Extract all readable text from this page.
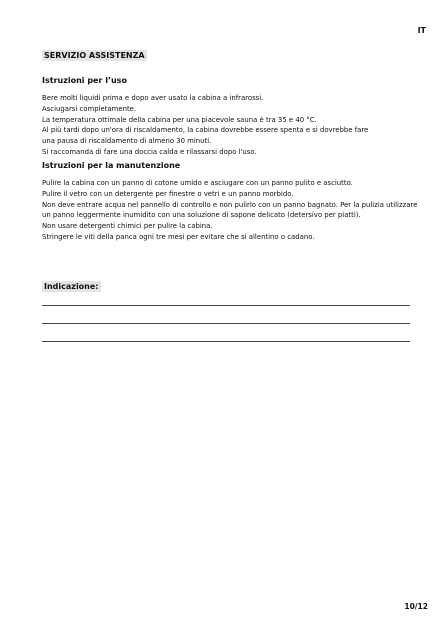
IT
SERVIZIO ASSISTENZA
Istruzioni per l’uso

Bere molti liquidi prima e dopo aver usato la cabina a infrarossi.

Asciugarsi completamente.

La temperatura ottimale della cabina per una piacevole sauna è tra 35 e 40 °C.

Al più tardi dopo un'ora di riscaldamento, la cabina dovrebbe essere spenta e si dovrebbe fare

una pausa di riscaldamento di almeno 30 minuti.

Si raccomanda di fare una doccia calda e rilassarsi dopo l'uso.

Istruzioni per la manutenzione

Pulire la cabina con un panno di cotone umido e asciugare con un panno pulito e asciutto.

Pulire il vetro con un detergente per finestre o vetri e un panno morbido.

Non deve entrare acqua nel pannello di controllo e non pulirlo con un panno bagnato. Per la pulizia utilizzare

un panno leggermente inumidito con una soluzione di sapone delicato (detersivo per piatti).

Non usare detergenti chimici per pulire la cabina.

Stringere le viti della panca ogni tre mesi per evitare che si allentino o cadano.

Indicazione:
10/12
